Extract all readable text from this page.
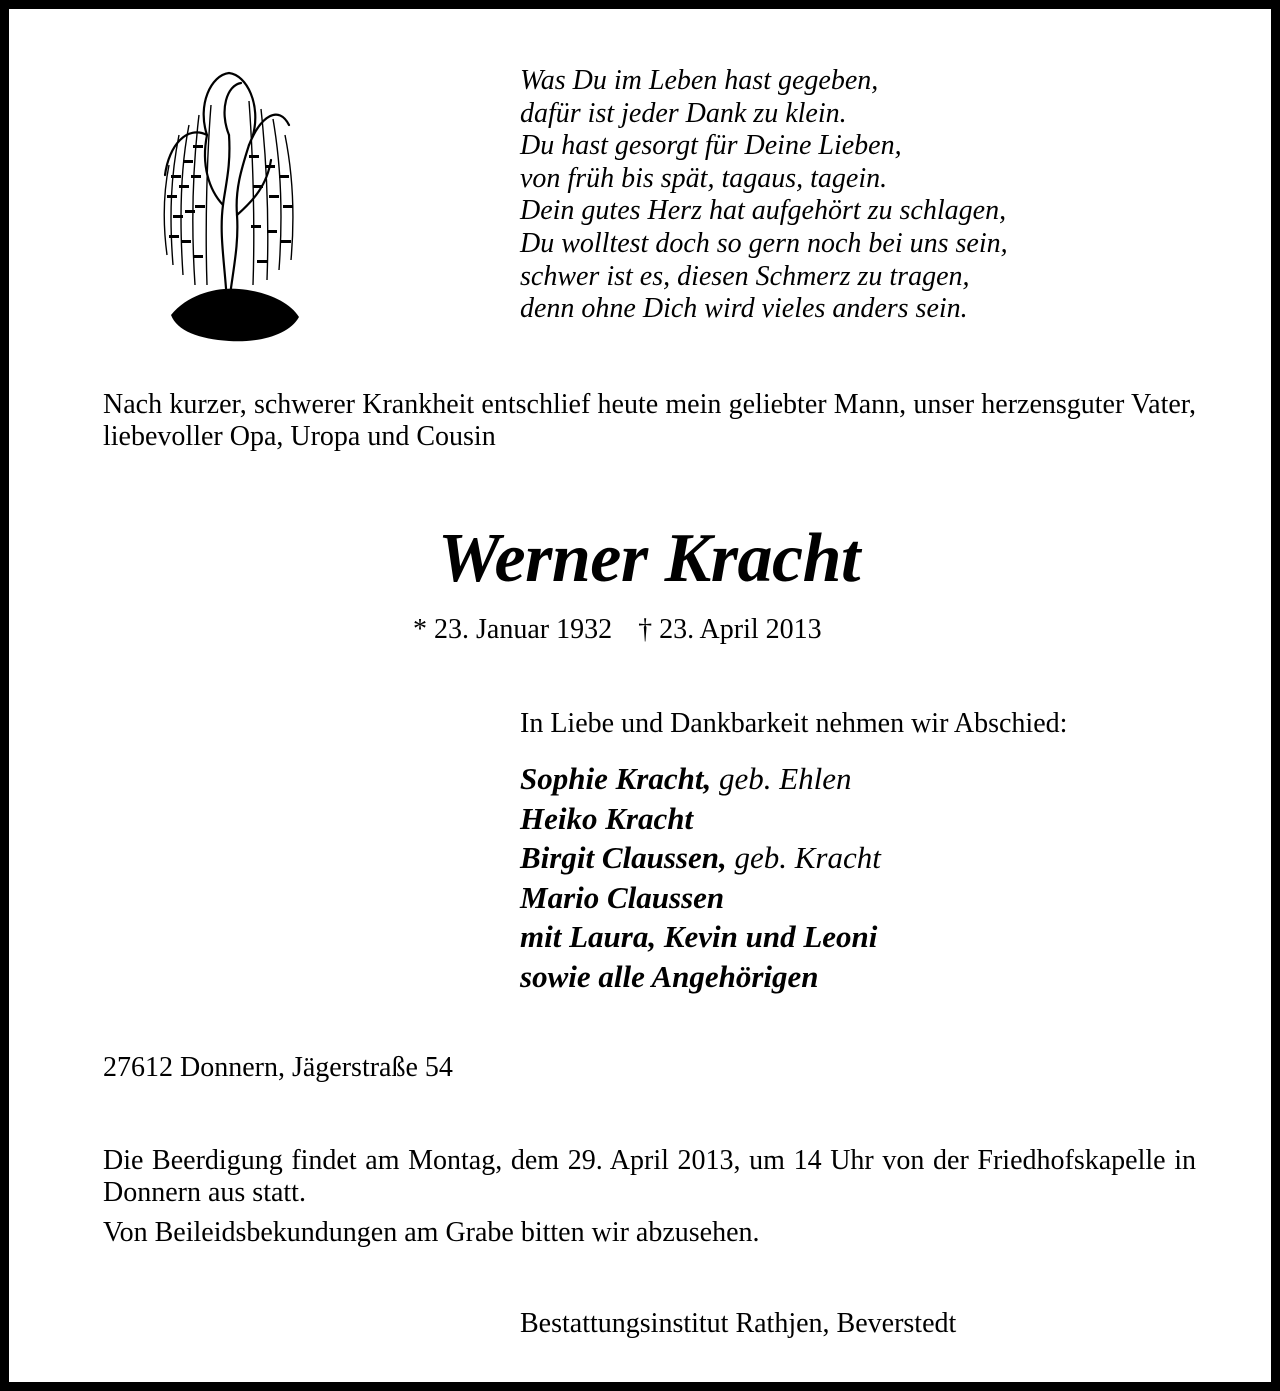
Was Du im Leben hast gegeben,
dafür ist jeder Dank zu klein.
Du hast gesorgt für Deine Lieben,
von früh bis spät, tagaus, tagein.
Dein gutes Herz hat aufgehört zu schlagen,
Du wolltest doch so gern noch bei uns sein,
schwer ist es, diesen Schmerz zu tragen,
denn ohne Dich wird vieles anders sein.
Nach kurzer, schwerer Krankheit entschlief heute mein geliebter Mann, unser herzensguter Vater, liebevoller Opa, Uropa und Cousin
Werner Kracht
* 23. Januar 1932 † 23. April 2013
In Liebe und Dankbarkeit nehmen wir Abschied:
Sophie Kracht, geb. Ehlen
Heiko Kracht
Birgit Claussen, geb. Kracht
Mario Claussen
mit Laura, Kevin und Leoni
sowie alle Angehörigen
27612 Donnern, Jägerstraße 54
Die Beerdigung findet am Montag, dem 29. April 2013, um 14 Uhr von der Friedhofskapelle in Donnern aus statt.
Von Beileidsbekundungen am Grabe bitten wir abzusehen.
Bestattungsinstitut Rathjen, Beverstedt
